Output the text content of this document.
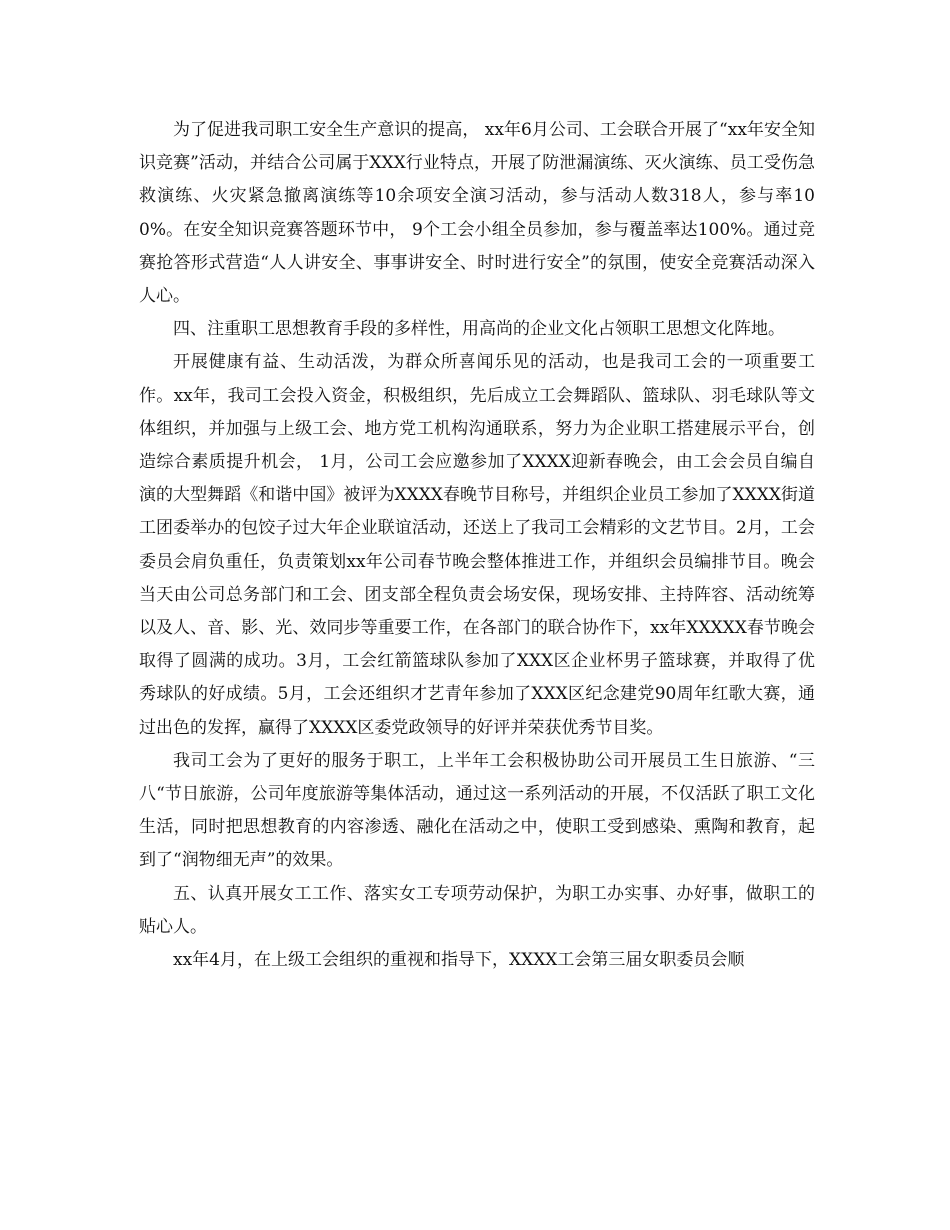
为了促进我司职工安全生产意识的提高， xx年6月公司、工会联合开展了“xx年安全知识竞赛”活动，并结合公司属于XXX行业特点，开展了防泄漏演练、灭火演练、员工受伤急救演练、火灾紧急撤离演练等10余项安全演习活动，参与活动人数318人，参与率100%。在安全知识竞赛答题环节中， 9个工会小组全员参加，参与覆盖率达100%。通过竞赛抢答形式营造“人人讲安全、事事讲安全、时时进行安全”的氛围，使安全竞赛活动深入人心。

四、注重职工思想教育手段的多样性，用高尚的企业文化占领职工思想文化阵地。

开展健康有益、生动活泼，为群众所喜闻乐见的活动，也是我司工会的一项重要工作。xx年，我司工会投入资金，积极组织，先后成立工会舞蹈队、篮球队、羽毛球队等文体组织，并加强与上级工会、地方党工机构沟通联系，努力为企业职工搭建展示平台，创造综合素质提升机会， 1月，公司工会应邀参加了XXXX迎新春晚会，由工会会员自编自演的大型舞蹈《和谐中国》被评为XXXX春晚节目称号，并组织企业员工参加了XXXX街道工团委举办的包饺子过大年企业联谊活动，还送上了我司工会精彩的文艺节目。2月，工会委员会肩负重任，负责策划xx年公司春节晚会整体推进工作，并组织会员编排节目。晚会当天由公司总务部门和工会、团支部全程负责会场安保，现场安排、主持阵容、活动统筹以及人、音、影、光、效同步等重要工作，在各部门的联合协作下，xx年XXXXX春节晚会取得了圆满的成功。3月，工会红箭篮球队参加了XXX区企业杯男子篮球赛，并取得了优秀球队的好成绩。5月，工会还组织才艺青年参加了XXX区纪念建党90周年红歌大赛，通过出色的发挥，赢得了XXXX区委党政领导的好评并荣获优秀节目奖。

我司工会为了更好的服务于职工，上半年工会积极协助公司开展员工生日旅游、“三八“节日旅游，公司年度旅游等集体活动，通过这一系列活动的开展，不仅活跃了职工文化生活，同时把思想教育的内容渗透、融化在活动之中，使职工受到感染、熏陶和教育，起到了“润物细无声”的效果。

五、认真开展女工工作、落实女工专项劳动保护，为职工办实事、办好事，做职工的贴心人。

xx年4月，在上级工会组织的重视和指导下，XXXX工会第三届女职委员会顺
